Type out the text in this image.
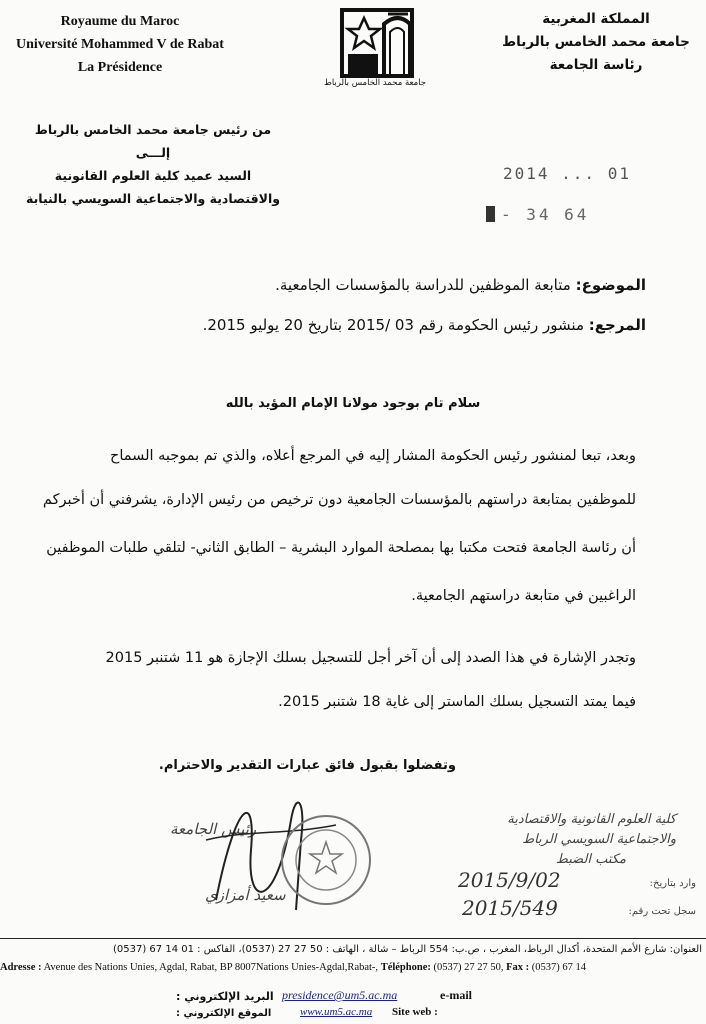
Royaume du Maroc
Université Mohammed V de Rabat
La Présidence
جامعة محمد الخامس بالرباط
المملكة المغربية
جامعة محمد الخامس بالرباط
رئاسة الجامعة
من رئيس جامعة محمد الخامس بالرباط
إلـــى
السيد عميد كلية العلوم القانونية
والاقتصادية والاجتماعية السويسي بالنيابة
2014 ... 01
- 34 64
الموضوع: متابعة الموظفين للدراسة بالمؤسسات الجامعية.
المرجع: منشور رئيس الحكومة رقم 03 /2015 بتاريخ 20 يوليو 2015.
سلام تام بوجود مولانا الإمام المؤيد بالله
وبعد، تبعا لمنشور رئيس الحكومة المشار إليه في المرجع أعلاه، والذي تم بموجبه السماح
للموظفين بمتابعة دراستهم بالمؤسسات الجامعية دون ترخيص من رئيس الإدارة، يشرفني أن أخبركم
أن رئاسة الجامعة فتحت مكتبا بها بمصلحة الموارد البشرية – الطابق الثاني- لتلقي طلبات الموظفين
الراغبين في متابعة دراستهم الجامعية.
وتجدر الإشارة في هذا الصدد إلى أن آخر أجل للتسجيل بسلك الإجازة هو 11 شتنبر 2015
فيما يمتد التسجيل بسلك الماستر إلى غاية 18 شتنبر 2015.
وتفضلوا بقبول فائق عبارات التقدير والاحترام.
رئيس الجامعة
سعيد أمزازي
كلية العلوم القانونية والاقتصادية
والاجتماعية السويسي الرباط
مكتب الضبط
وارد بتاريخ:
2015/9/02
سجل تحت رقم:
2015/549
العنوان: شارع الأمم المتحدة، أكدال الرباط، المغرب ، ص.ب: 554 الرباط – شالة ، الهاتف : 50 27 27 (0537)، الفاكس : 01 14 67 (0537)
Adresse : Avenue des Nations Unies, Agdal, Rabat, BP 8007Nations Unies-Agdal,Rabat-, Téléphone: (0537) 27 27 50, Fax : (0537) 67 14
البريد الإلكتروني : presidence@um5.ac.ma	e-mail
الموقع الإلكتروني :	www.um5.ac.ma Site web :
